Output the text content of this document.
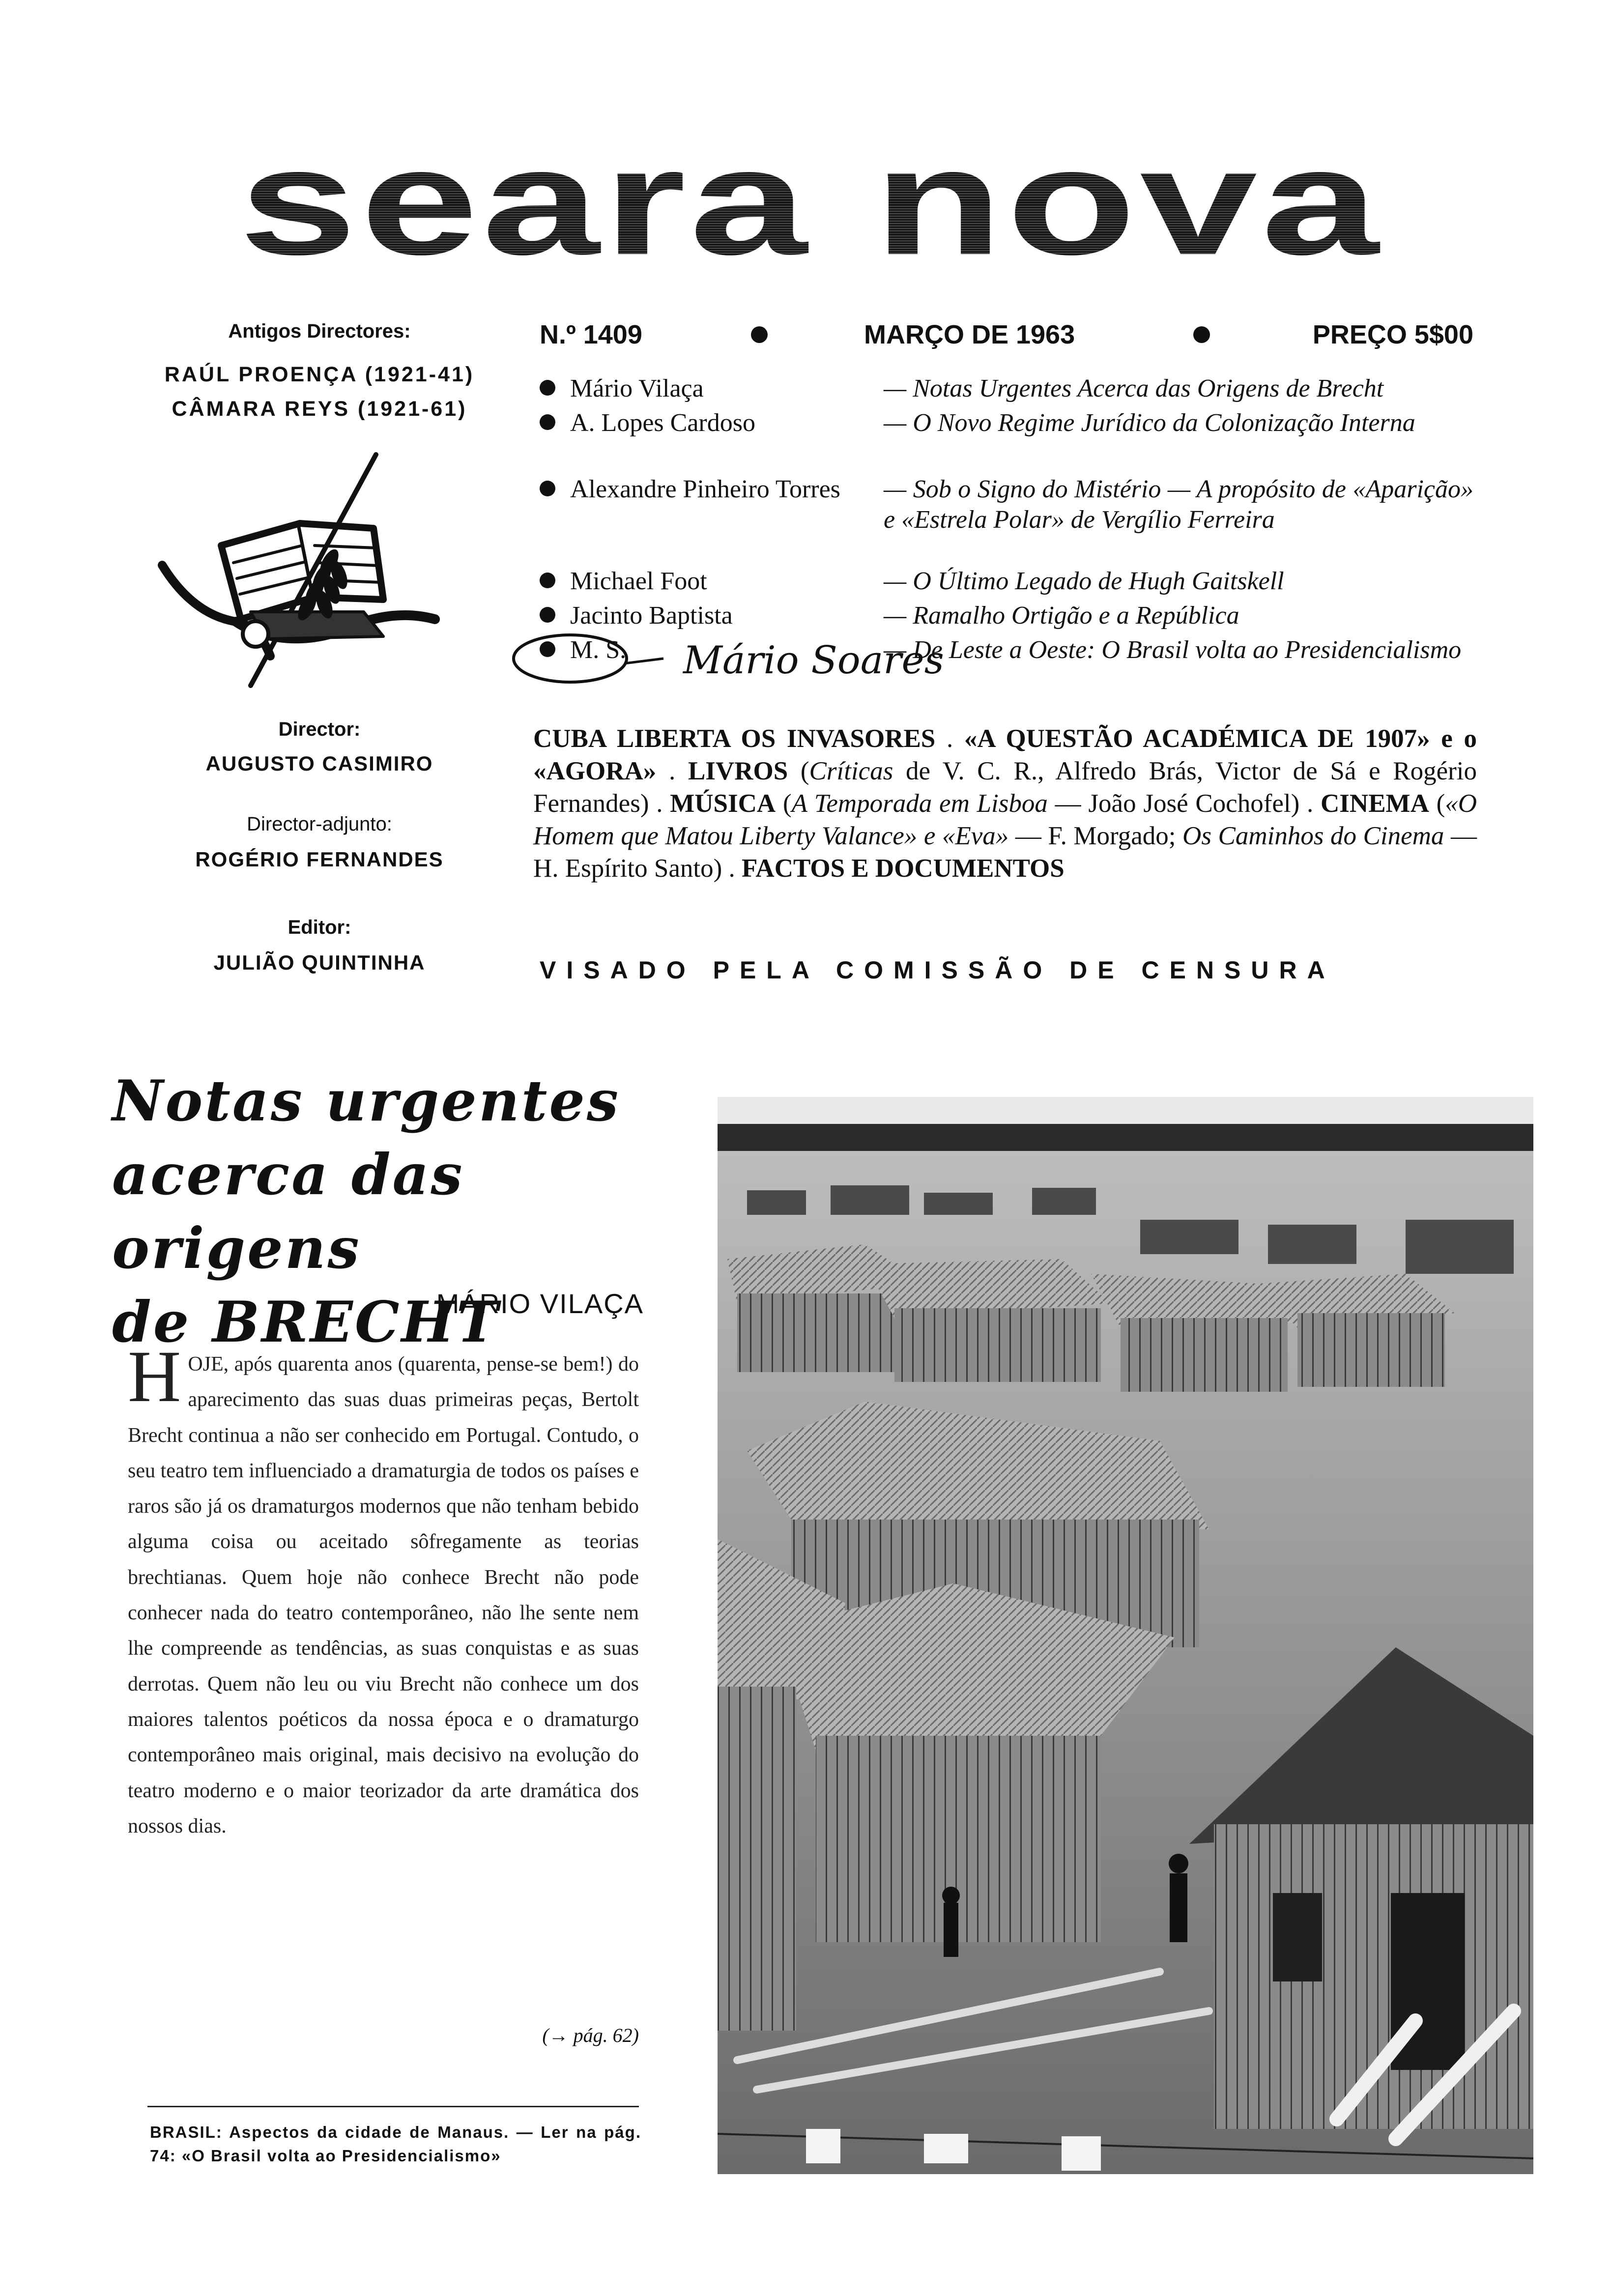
seara nova
Antigos Directores:
RAÚL PROENÇA (1921-41)
CÂMARA REYS (1921-61)
Director:
AUGUSTO CASIMIRO
Director-adjunto:
ROGÉRIO FERNANDES
Editor:
JULIÃO QUINTINHA
N.º 1409	MARÇO DE 1963	PREÇO 5$00
Mário Vilaça	— Notas Urgentes Acerca das Origens de Brecht
A. Lopes Cardoso	— O Novo Regime Jurídico da Colonização Interna
Alexandre Pinheiro Torres	— Sob o Signo do Mistério — A propósito de «Aparição» e «Estrela Polar» de Vergílio Ferreira
Michael Foot	— O Último Legado de Hugh Gaitskell
Jacinto Baptista	— Ramalho Ortigão e a República
M. S.	— De Leste a Oeste: O Brasil volta ao Presidencialismo
Mário Soares
CUBA LIBERTA OS INVASORES . «A QUESTÃO ACADÉMICA DE 1907» e o «AGORA» . LIVROS (Críticas de V. C. R., Alfredo Brás, Victor de Sá e Rogério Fernandes) . MÚSICA (A Temporada em Lisboa — João José Cochofel) . CINEMA («O Homem que Matou Liberty Valance» e «Eva» — F. Morgado; Os Caminhos do Cinema — H. Espírito Santo) . FACTOS E DOCUMENTOS
VISADO PELA COMISSÃO DE CENSURA
Notas urgentes
acerca das origens
de BRECHT
MÁRIO VILAÇA
HOJE, após quarenta anos (quarenta, pense-se bem!) do aparecimento das suas duas primeiras peças, Bertolt Brecht continua a não ser conhecido em Portugal. Contudo, o seu teatro tem influenciado a dramaturgia de todos os países e raros são já os dramaturgos modernos que não tenham bebido alguma coisa ou aceitado sôfregamente as teorias brechtianas. Quem hoje não conhece Brecht não pode conhecer nada do teatro contemporâneo, não lhe sente nem lhe compreende as tendências, as suas conquistas e as suas derrotas. Quem não leu ou viu Brecht não conhece um dos maiores talentos poéticos da nossa época e o dramaturgo contemporâneo mais original, mais decisivo na evolução do teatro moderno e o maior teorizador da arte dramática dos nossos dias.
(→ pág. 62)
BRASIL: Aspectos da cidade de Manaus. — Ler na pág. 74: «O Brasil volta ao Presidencialismo»
